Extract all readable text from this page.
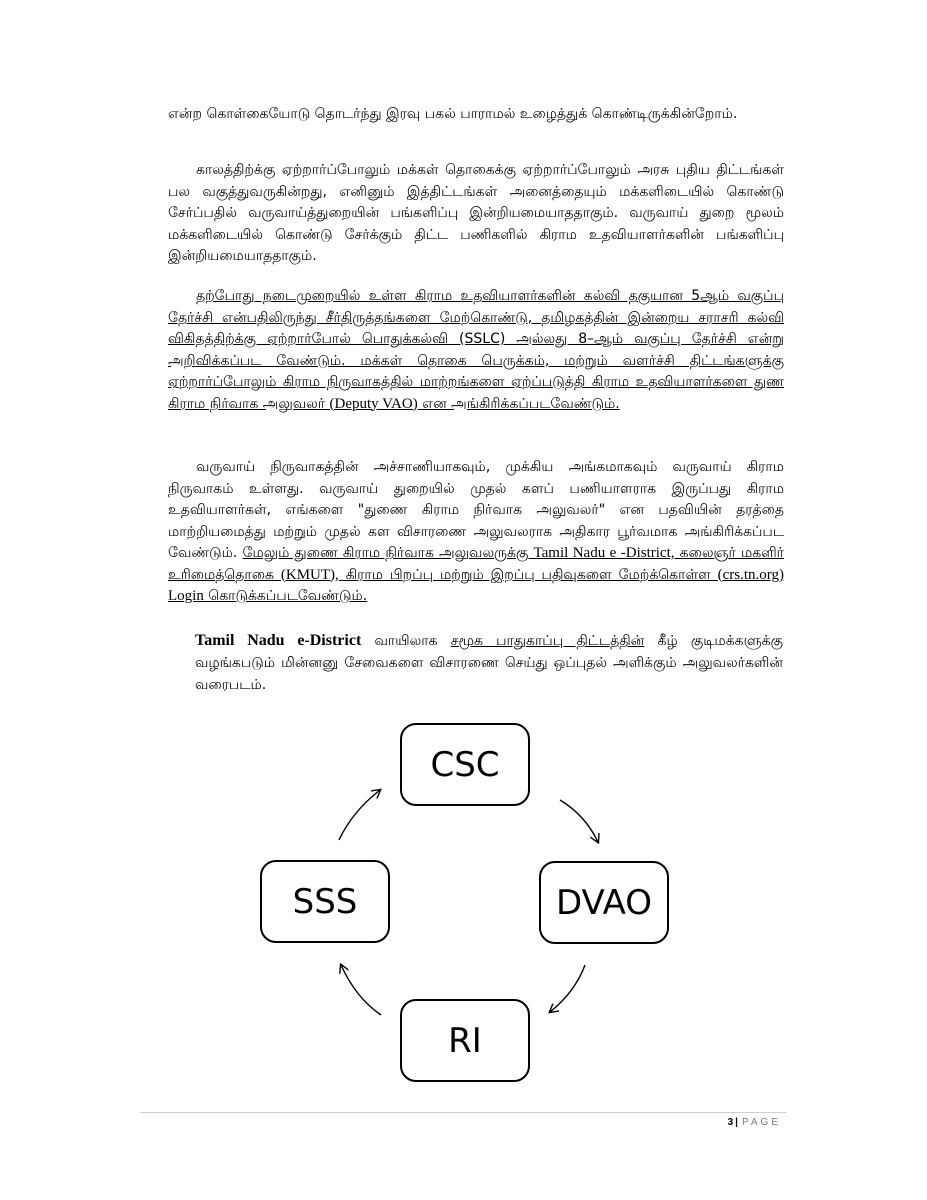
என்ற கொள்கையோடு தொடர்ந்து இரவு பகல் பாராமல் உழைத்துக் கொண்டிருக்கின்றோம்.

காலத்திற்க்கு ஏற்றார்ப்போலும் மக்கள் தொகைக்கு ஏற்றார்ப்போலும் அரசு புதிய திட்டங்கள் பல வகுத்துவருகின்றது, எனினும் இத்திட்டங்கள் அனைத்தையும் மக்களிடையில் கொண்டு சேர்ப்பதில் வருவாய்த்துறையின் பங்களிப்பு இன்றியமையாததாகும். வருவாய் துறை மூலம் மக்களிடையில் கொண்டு சேர்க்கும் திட்ட பணிகளில் கிராம உதவியாளர்களின் பங்களிப்பு இன்றியமையாததாகும்.

தற்போது நடைமுறையில் உள்ள கிராம உதவியாளர்களின் கல்வி தகுயான 5ஆம் வகுப்பு தேர்ச்சி என்பதிலிருந்து சீர்திருத்தங்களை மேற்கொண்டு, தமிழகத்தின் இன்றைய சராசரி கல்வி விகிதத்திற்க்கு ஏற்றார்போல் பொதுக்கல்வி (SSLC) அல்லது 8–ஆம் வகுப்பு தேர்ச்சி என்று அறிவிக்கப்பட வேண்டும். மக்கள் தொகை பெருக்கம், மற்றும் வளர்ச்சி திட்டங்களுக்கு ஏற்றார்ப்போலும் கிராம நிருவாகத்தில் மாற்றங்களை ஏற்ப்படுத்தி கிராம உதவியாளர்களை துண கிராம நிர்வாக அலுவலர் (Deputy VAO) என அங்கிரிக்கப்படவேண்டும்.

வருவாய் நிருவாகத்தின் அச்சாணியாகவும், முக்கிய அங்கமாகவும் வருவாய் கிராம நிருவாகம் உள்ளது. வருவாய் துறையில் முதல் களப் பணியாளராக இருப்பது கிராம உதவியாளர்கள், எங்களை "துணை கிராம நிர்வாக அலுவலர்" என பதவியின் தரத்தை மாற்றியமைத்து மற்றும் முதல் கள விசாரணை அலுவலராக அதிகார பூர்வமாக அங்கிரிக்கப்பட வேண்டும். மேலும் துணை கிராம நிர்வாக அலுவலருக்கு Tamil Nadu e -District, கலைஞர் மகளிர் உரிமைத்தொகை (KMUT), கிராம பிறப்பு மற்றும் இறப்பு பதிவுகளை மேற்க்கொள்ள (crs.tn.org) Login கொடுக்கப்படவேண்டும்.

Tamil Nadu e-District வாயிலாக சமூக பாதுகாப்பு திட்டத்தின் கீழ் குடிமக்களுக்கு வழங்கபடும் மின்னனு சேவைகளை விசாரணை செய்து ஒப்புதல் அளிக்கும் அலுவலர்களின் வரைபடம்.

CSC
DVAO
SSS
RI
3 | PAGE
